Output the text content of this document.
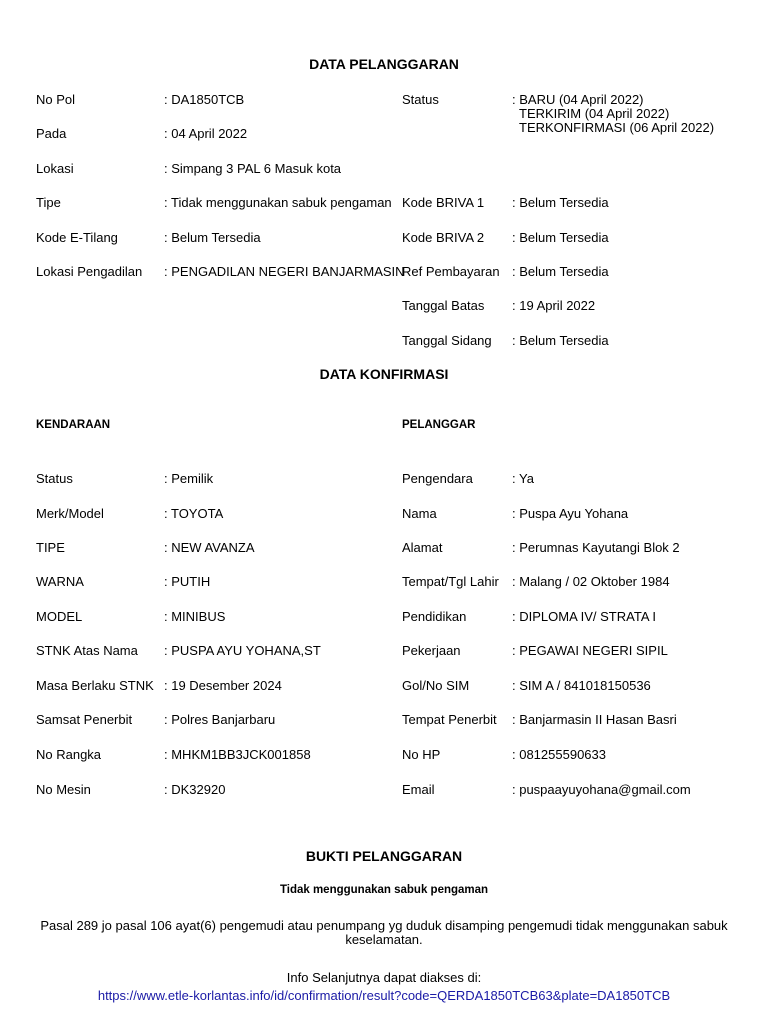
DATA PELANGGARAN
No Pol	: DA1850TCB
Pada	: 04 April 2022
Lokasi	: Simpang 3 PAL 6 Masuk kota
Tipe	: Tidak menggunakan sabuk pengaman
Kode E-Tilang	: Belum Tersedia
Lokasi Pengadilan : PENGADILAN NEGERI BANJARMASIN
Status	: BARU (04 April 2022)
TERKIRIM (04 April 2022)
TERKONFIRMASI (06 April 2022)
Kode BRIVA 1 : Belum Tersedia
Kode BRIVA 2 : Belum Tersedia
Ref Pembayaran : Belum Tersedia
Tanggal Batas : 19 April 2022
Tanggal Sidang : Belum Tersedia
DATA KONFIRMASI
KENDARAAN	PELANGGAR
Status	: Pemilik
Merk/Model	: TOYOTA
TIPE	: NEW AVANZA
WARNA	: PUTIH
MODEL	: MINIBUS
STNK Atas Nama : PUSPA AYU YOHANA,ST
Masa Berlaku STNK : 19 Desember 2024
Samsat Penerbit : Polres Banjarbaru
No Rangka	: MHKM1BB3JCK001858
No Mesin	: DK32920
Pengendara	: Ya
Nama	: Puspa Ayu Yohana
Alamat	: Perumnas Kayutangi Blok 2
Tempat/Tgl Lahir : Malang / 02 Oktober 1984
Pendidikan	: DIPLOMA IV/ STRATA I
Pekerjaan	: PEGAWAI NEGERI SIPIL
Gol/No SIM	: SIM A / 841018150536
Tempat Penerbit : Banjarmasin II Hasan Basri
No HP	: 081255590633
Email	: puspaayuyohana@gmail.com
BUKTI PELANGGARAN
Tidak menggunakan sabuk pengaman
Pasal 289 jo pasal 106 ayat(6) pengemudi atau penumpang yg duduk disamping pengemudi tidak menggunakan sabuk
keselamatan.
Info Selanjutnya dapat diakses di:
https://www.etle-korlantas.info/id/confirmation/result?code=QERDA1850TCB63&plate=DA1850TCB
